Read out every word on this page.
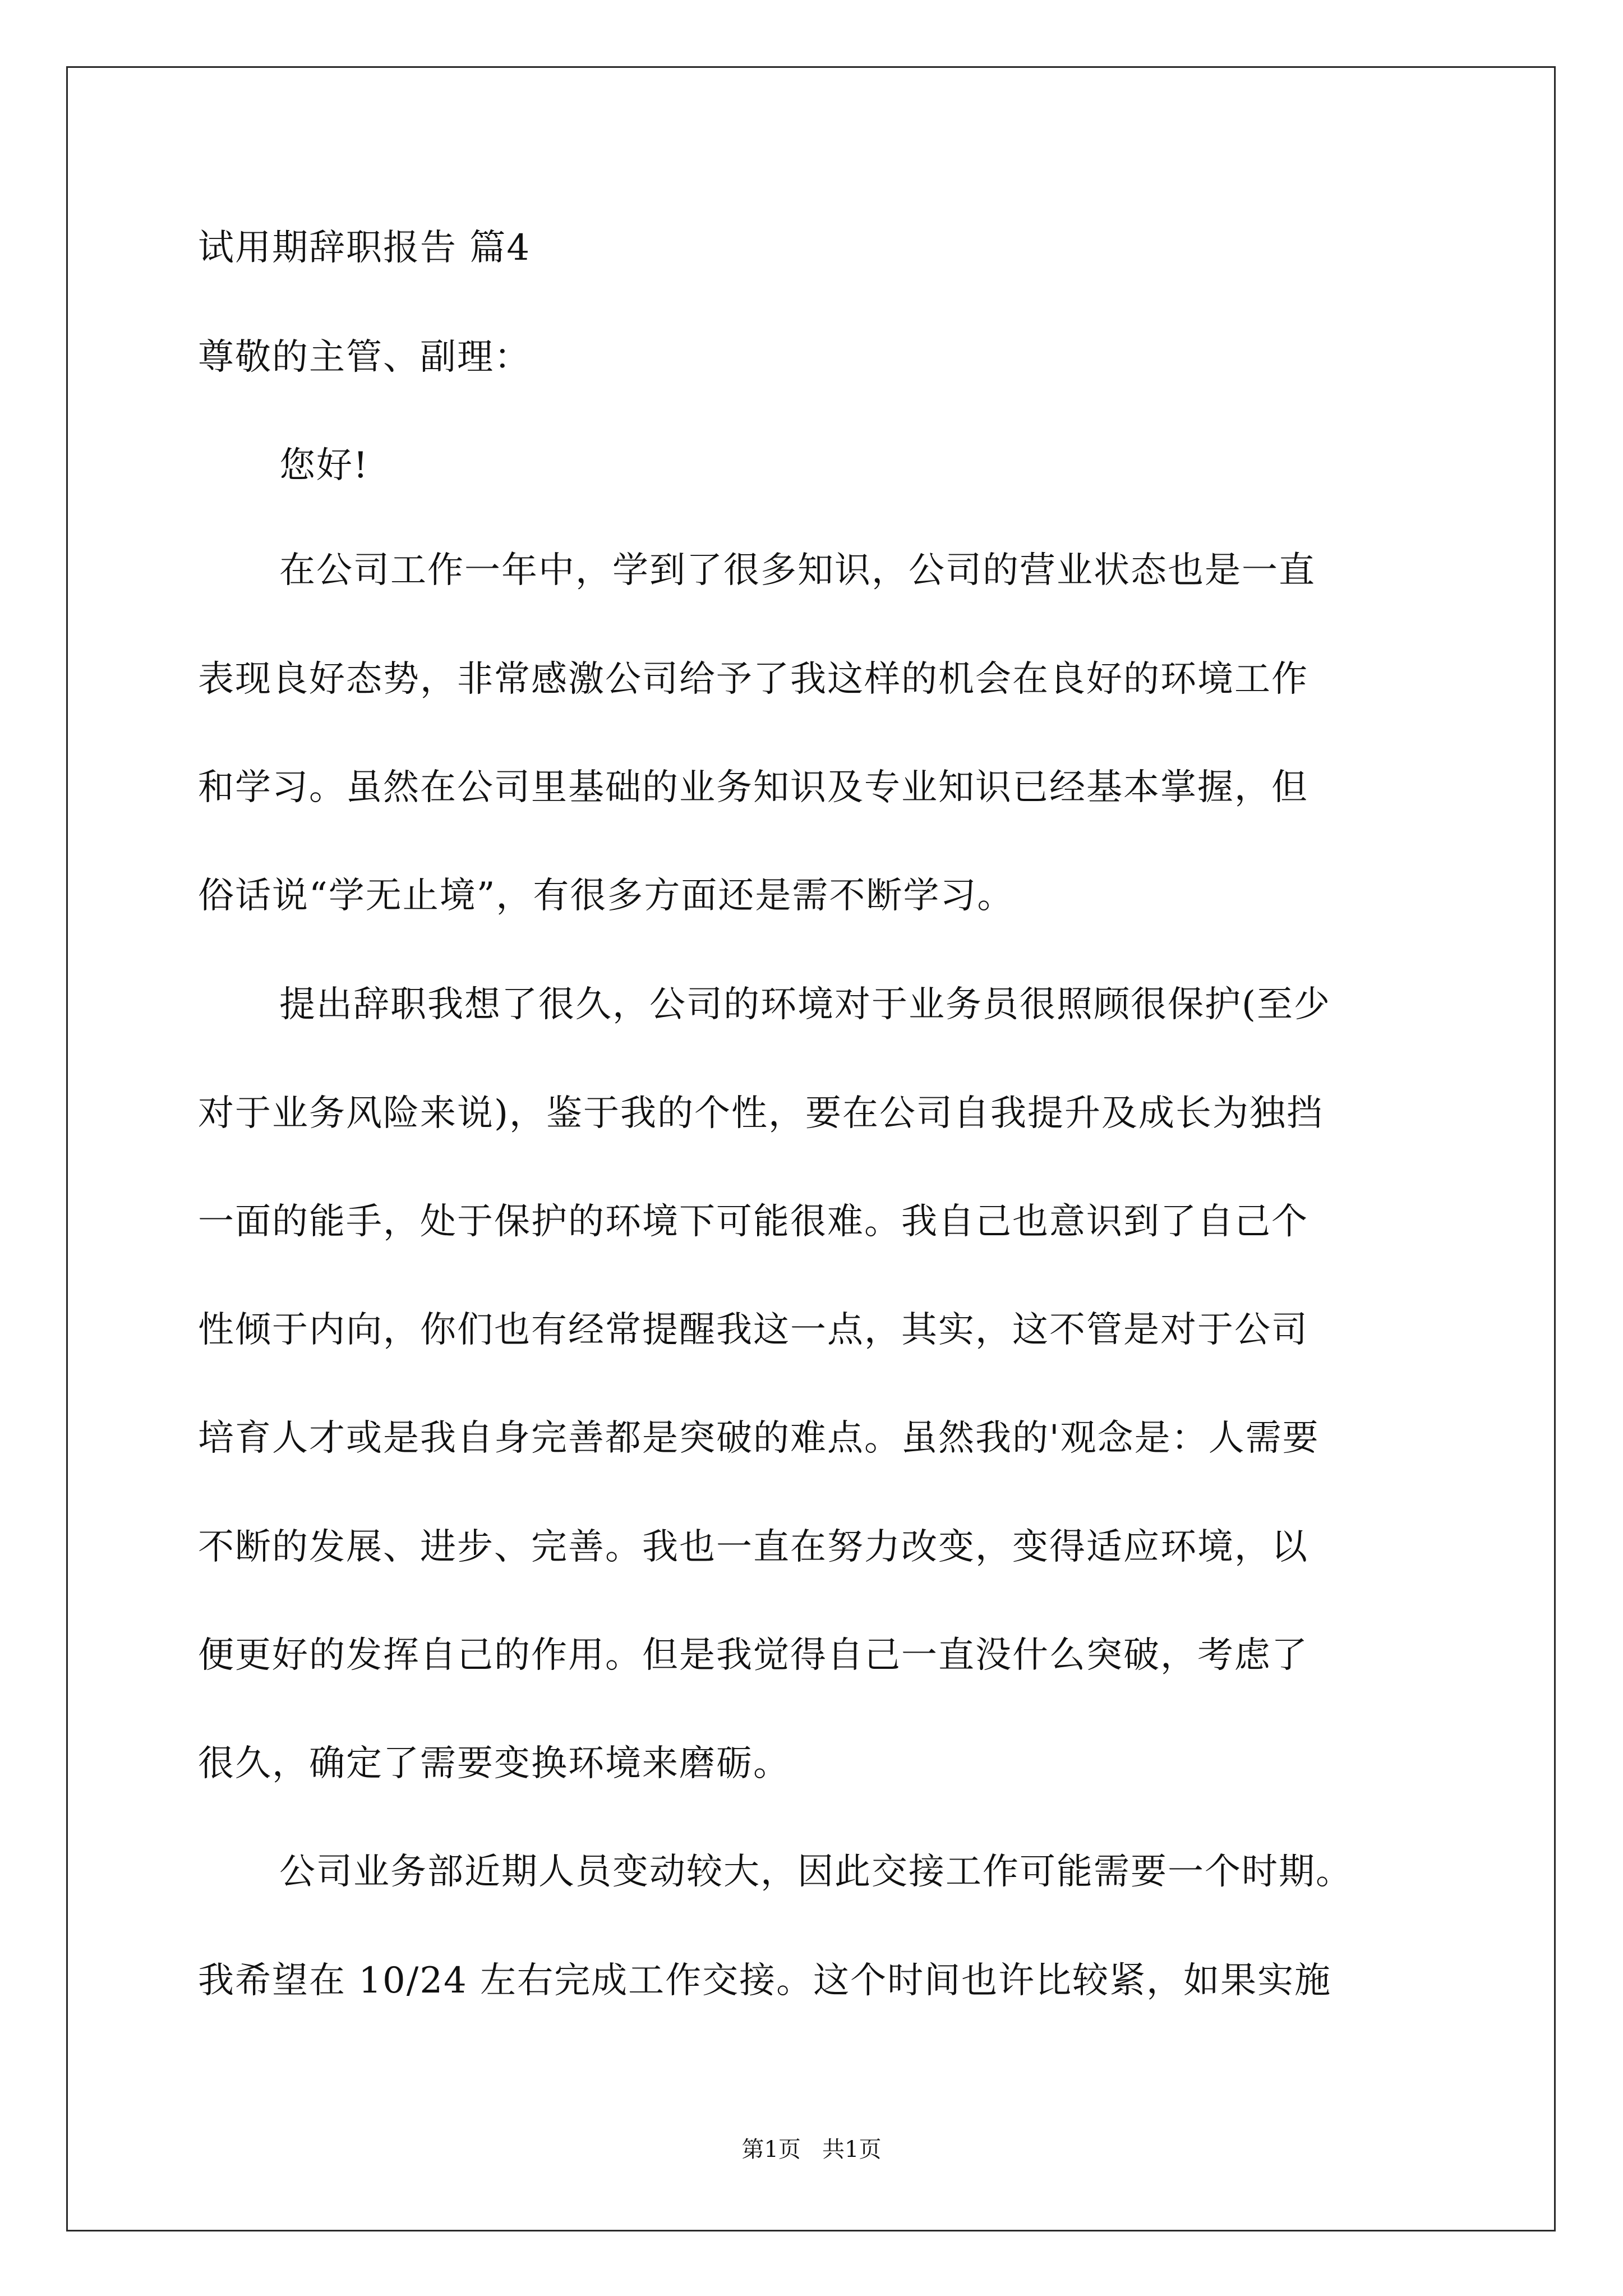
试用期辞职报告 篇4
尊敬的主管、副理：
您好!
在公司工作一年中，学到了很多知识，公司的营业状态也是一直
表现良好态势，非常感激公司给予了我这样的机会在良好的环境工作
和学习。虽然在公司里基础的业务知识及专业知识已经基本掌握，但
俗话说“学无止境”，有很多方面还是需不断学习。
提出辞职我想了很久，公司的环境对于业务员很照顾很保护(至少
对于业务风险来说)，鉴于我的个性，要在公司自我提升及成长为独挡
一面的能手，处于保护的环境下可能很难。我自己也意识到了自己个
性倾于内向，你们也有经常提醒我这一点，其实，这不管是对于公司
培育人才或是我自身完善都是突破的难点。虽然我的'观念是：人需要
不断的发展、进步、完善。我也一直在努力改变，变得适应环境，以
便更好的发挥自己的作用。但是我觉得自己一直没什么突破，考虑了
很久，确定了需要变换环境来磨砺。
公司业务部近期人员变动较大，因此交接工作可能需要一个时期。
我希望在 10/24 左右完成工作交接。这个时间也许比较紧，如果实施
第1页   共1页
